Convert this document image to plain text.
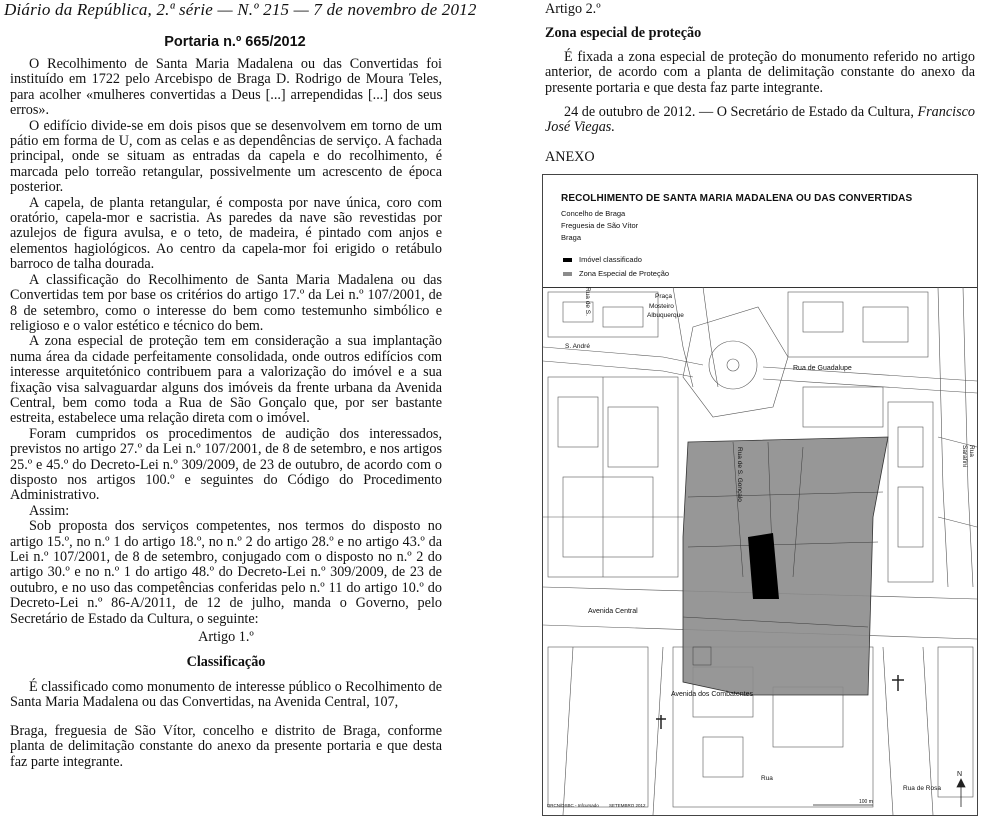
Diário da República, 2.ª série — N.º 215 — 7 de novembro de 2012
Portaria n.º 665/2012

O Recolhimento de Santa Maria Madalena ou das Convertidas foi instituído em 1722 pelo Arcebispo de Braga D. Rodrigo de Moura Teles, para acolher «mulheres convertidas a Deus [...] arrependidas [...] dos seus erros».

O edifício divide-se em dois pisos que se desenvolvem em torno de um pátio em forma de U, com as celas e as dependências de serviço. A fachada principal, onde se situam as entradas da capela e do recolhimento, é marcada pelo torreão retangular, possivelmente um acrescento de época posterior.

A capela, de planta retangular, é composta por nave única, coro com oratório, capela-mor e sacristia. As paredes da nave são revestidas por azulejos de figura avulsa, e o teto, de madeira, é pintado com anjos e elementos hagiológicos. Ao centro da capela-mor foi erigido o retábulo barroco de talha dourada.

A classificação do Recolhimento de Santa Maria Madalena ou das Convertidas tem por base os critérios do artigo 17.º da Lei n.º 107/2001, de 8 de setembro, como o interesse do bem como testemunho simbólico e religioso e o valor estético e técnico do bem.

A zona especial de proteção tem em consideração a sua implantação numa área da cidade perfeitamente consolidada, onde outros edifícios com interesse arquitetónico contribuem para a valorização do imóvel e a sua fixação visa salvaguardar alguns dos imóveis da frente urbana da Avenida Central, bem como toda a Rua de São Gonçalo que, por ser bastante estreita, estabelece uma relação direta com o imóvel.

Foram cumpridos os procedimentos de audição dos interessados, previstos no artigo 27.º da Lei n.º 107/2001, de 8 de setembro, e nos artigos 25.º e 45.º do Decreto-Lei n.º 309/2009, de 23 de outubro, de acordo com o disposto nos artigos 100.º e seguintes do Código do Procedimento Administrativo.

Assim:

Sob proposta dos serviços competentes, nos termos do disposto no artigo 15.º, no n.º 1 do artigo 18.º, no n.º 2 do artigo 28.º e no artigo 43.º da Lei n.º 107/2001, de 8 de setembro, conjugado com o disposto no n.º 2 do artigo 30.º e no n.º 1 do artigo 48.º do Decreto-Lei n.º 309/2009, de 23 de outubro, e no uso das competências conferidas pelo n.º 11 do artigo 10.º do Decreto-Lei n.º 86-A/2011, de 12 de julho, manda o Governo, pelo Secretário de Estado da Cultura, o seguinte:

Artigo 1.º
Classificação

É classificado como monumento de interesse público o Recolhimento de Santa Maria Madalena ou das Convertidas, na Avenida Central, 107,

Braga, freguesia de São Vítor, concelho e distrito de Braga, conforme planta de delimitação constante do anexo da presente portaria e que desta faz parte integrante.

Artigo 2.º
Zona especial de proteção

É fixada a zona especial de proteção do monumento referido no artigo anterior, de acordo com a planta de delimitação constante do anexo da presente portaria e que desta faz parte integrante.

24 de outubro de 2012. — O Secretário de Estado da Cultura, Francisco José Viegas.

ANEXO
RECOLHIMENTO DE SANTA MARIA MADALENA OU DAS CONVERTIDAS
Concelho de Braga
Freguesia de São Vítor
Braga
Imóvel classificado
Zona Especial de Proteção
Rua de S.
S. André
Praça
Mosteiro
Albuquerque
Rua de Guadalupe
Rua de S. Gonçalo	Rua Sarafini
Avenida Central
Avenida dos Combatentes
Rua
Rua de Rosa
DRCN/DSBC - Infcursado SETEMBRO 2012
100 m
N
